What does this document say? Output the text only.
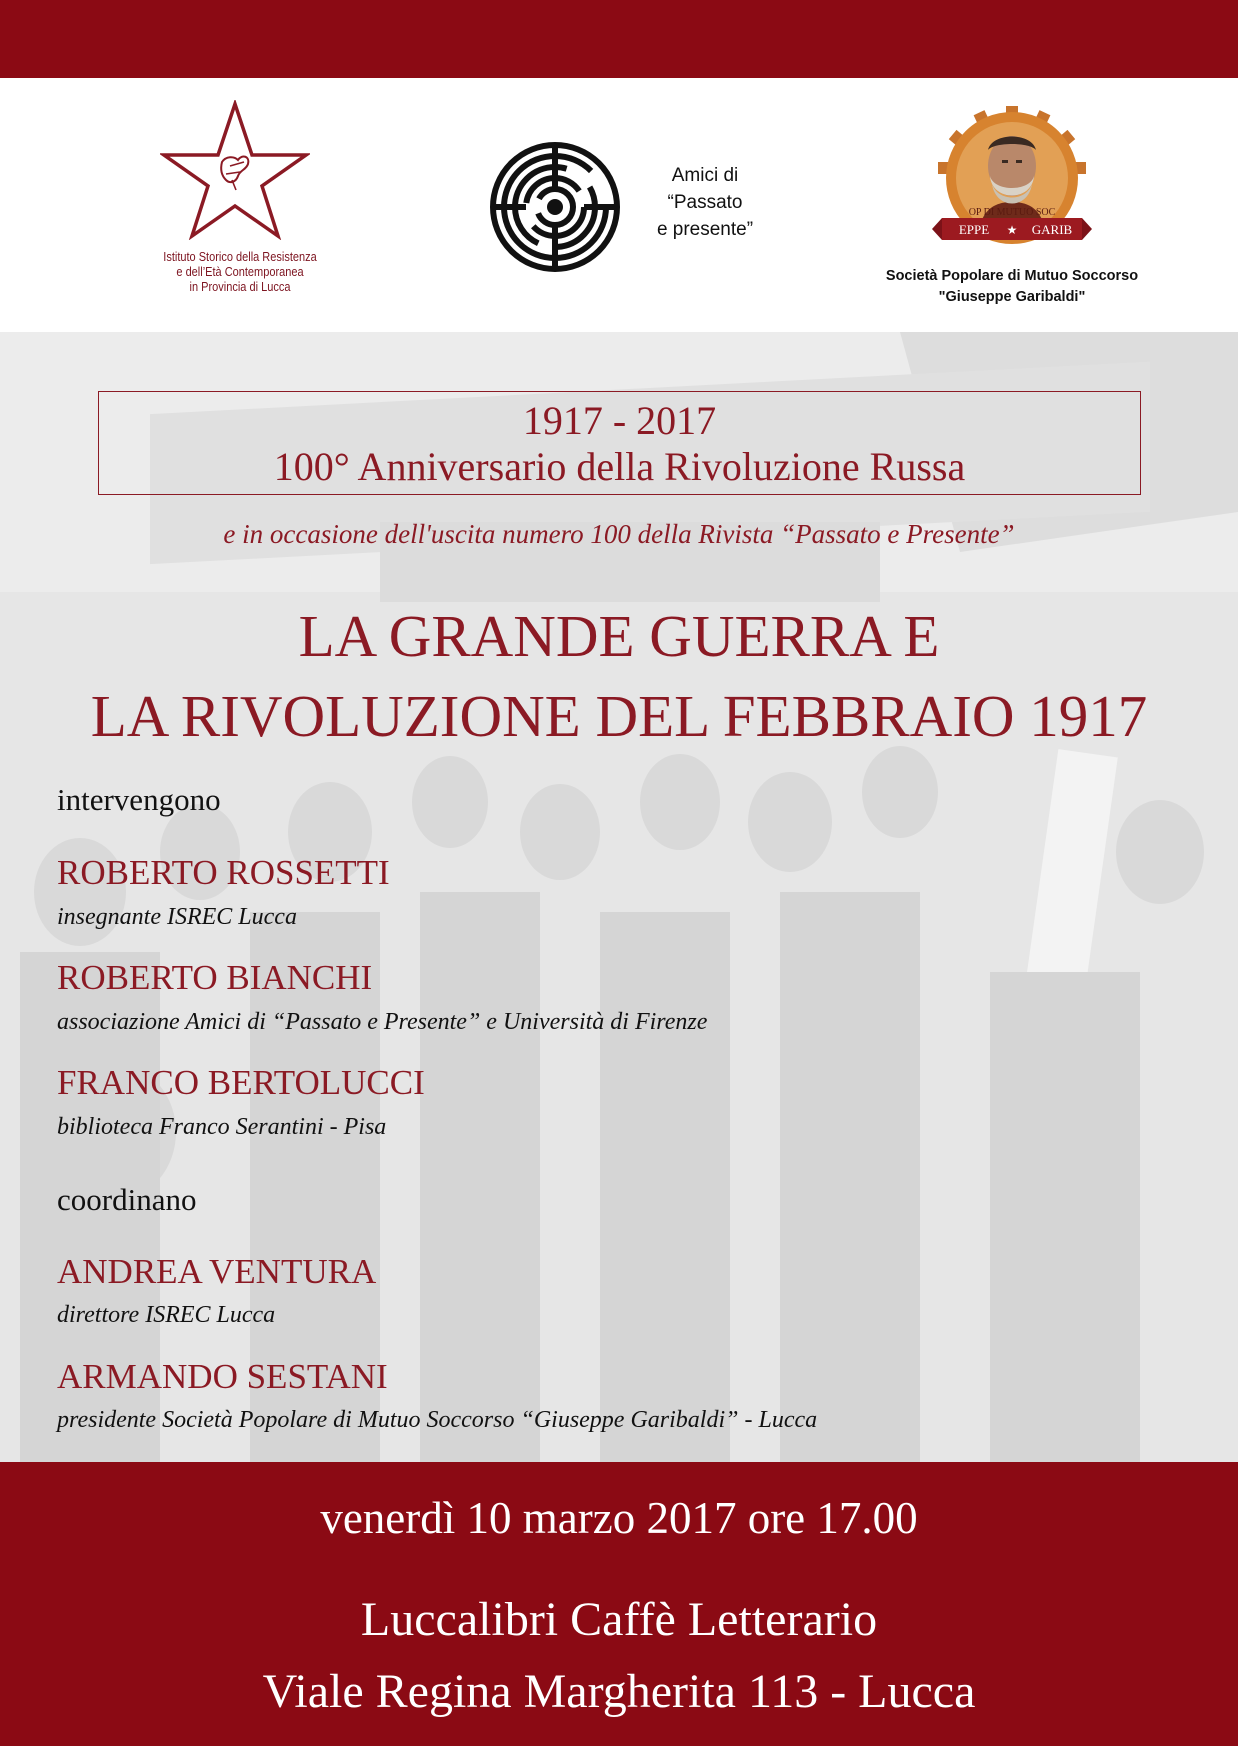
Istituto Storico della Resistenza
e dell’Età Contemporanea
in Provincia di Lucca
Amici di
“Passato
e presente”
OP DI MUTUO SOC
EPPE ★ GARIB
Società Popolare di Mutuo Soccorso
"Giuseppe Garibaldi"
1917 - 2017
100° Anniversario della Rivoluzione Russa
e in occasione dell'uscita numero 100 della Rivista “Passato e Presente”
LA GRANDE GUERRA E
LA RIVOLUZIONE DEL FEBBRAIO 1917
intervengono
ROBERTO ROSSETTI
insegnante ISREC Lucca
ROBERTO BIANCHI
associazione Amici di “Passato e Presente” e Università di Firenze
FRANCO BERTOLUCCI
biblioteca Franco Serantini - Pisa
coordinano
ANDREA VENTURA
direttore ISREC Lucca
ARMANDO SESTANI
presidente Società Popolare di Mutuo Soccorso “Giuseppe Garibaldi” - Lucca
venerdì 10 marzo 2017 ore 17.00
Luccalibri Caffè Letterario
Viale Regina Margherita 113 - Lucca
